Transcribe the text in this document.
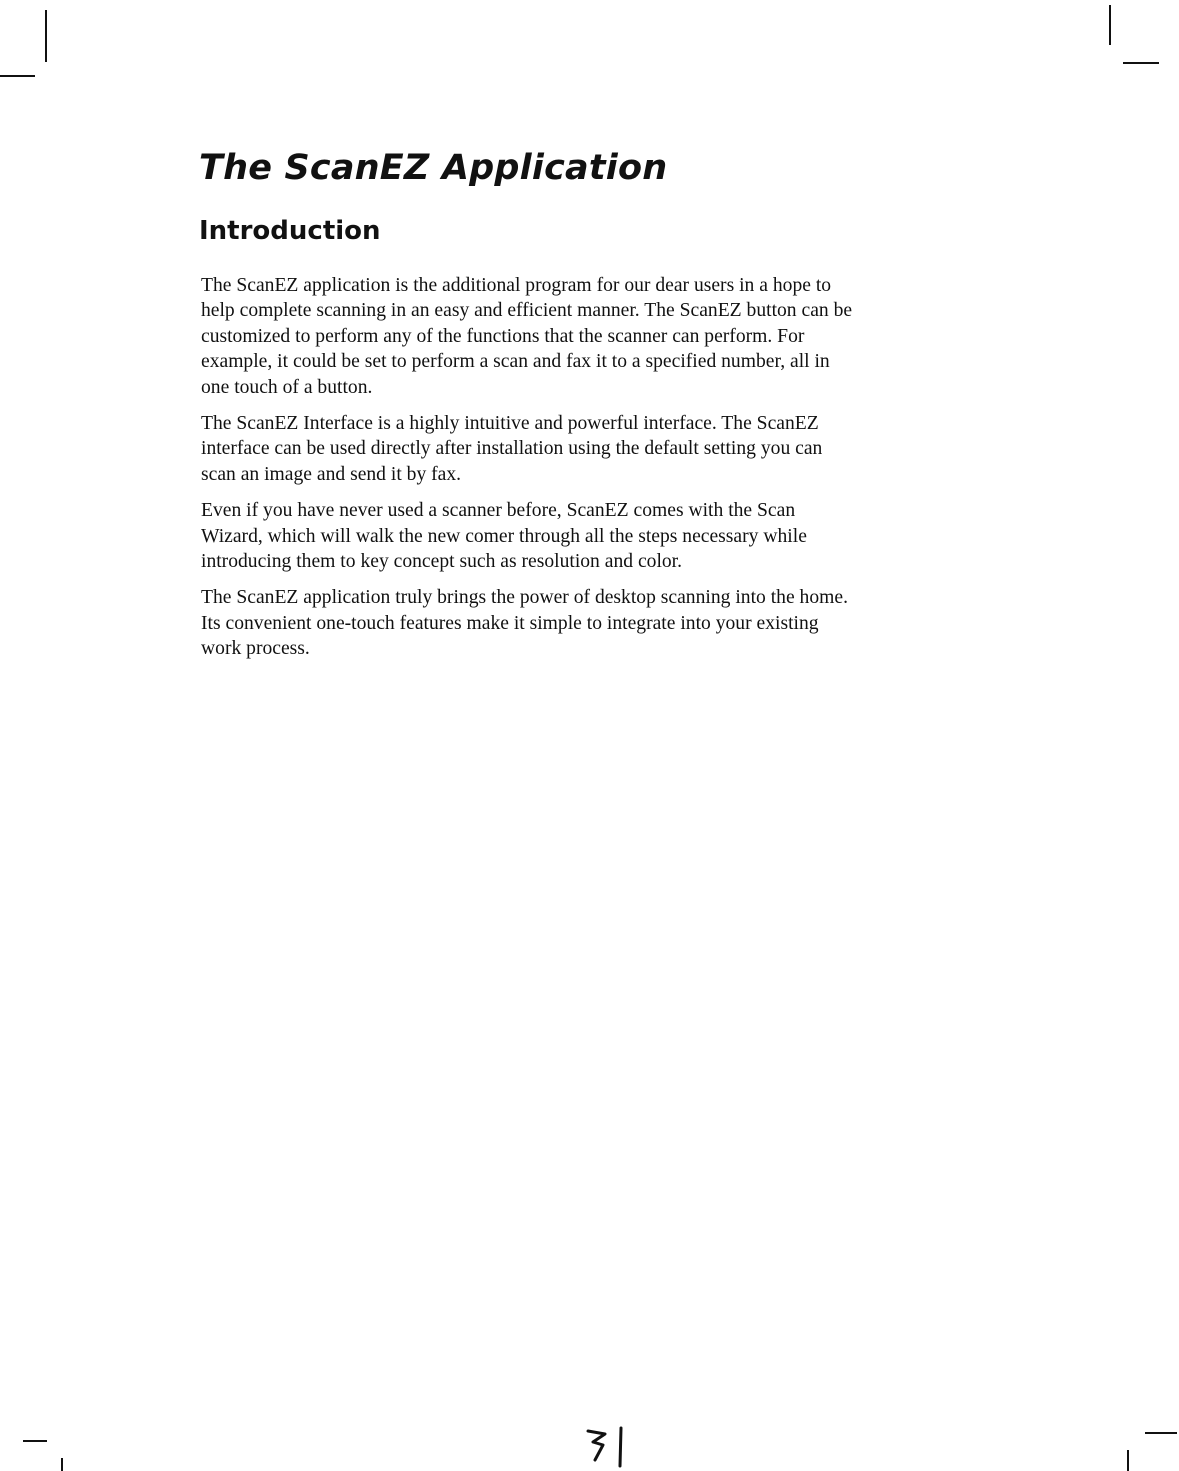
The ScanEZ Application
Introduction

The ScanEZ application is the additional program for our dear users in a hope to
help complete scanning in an easy and efficient manner. The ScanEZ button can be
customized to perform any of the functions that the scanner can perform. For
example, it could be set to perform a scan and fax it to a specified number, all in
one touch of a button.

The ScanEZ Interface is a highly intuitive and powerful interface. The ScanEZ
interface can be used directly after installation using the default setting you can
scan an image and send it by fax.

Even if you have never used a scanner before, ScanEZ comes with the Scan
Wizard, which will walk the new comer through all the steps necessary while
introducing them to key concept such as resolution and color.

The ScanEZ application truly brings the power of desktop scanning into the home.
Its convenient one-touch features make it simple to integrate into your existing
work process.
